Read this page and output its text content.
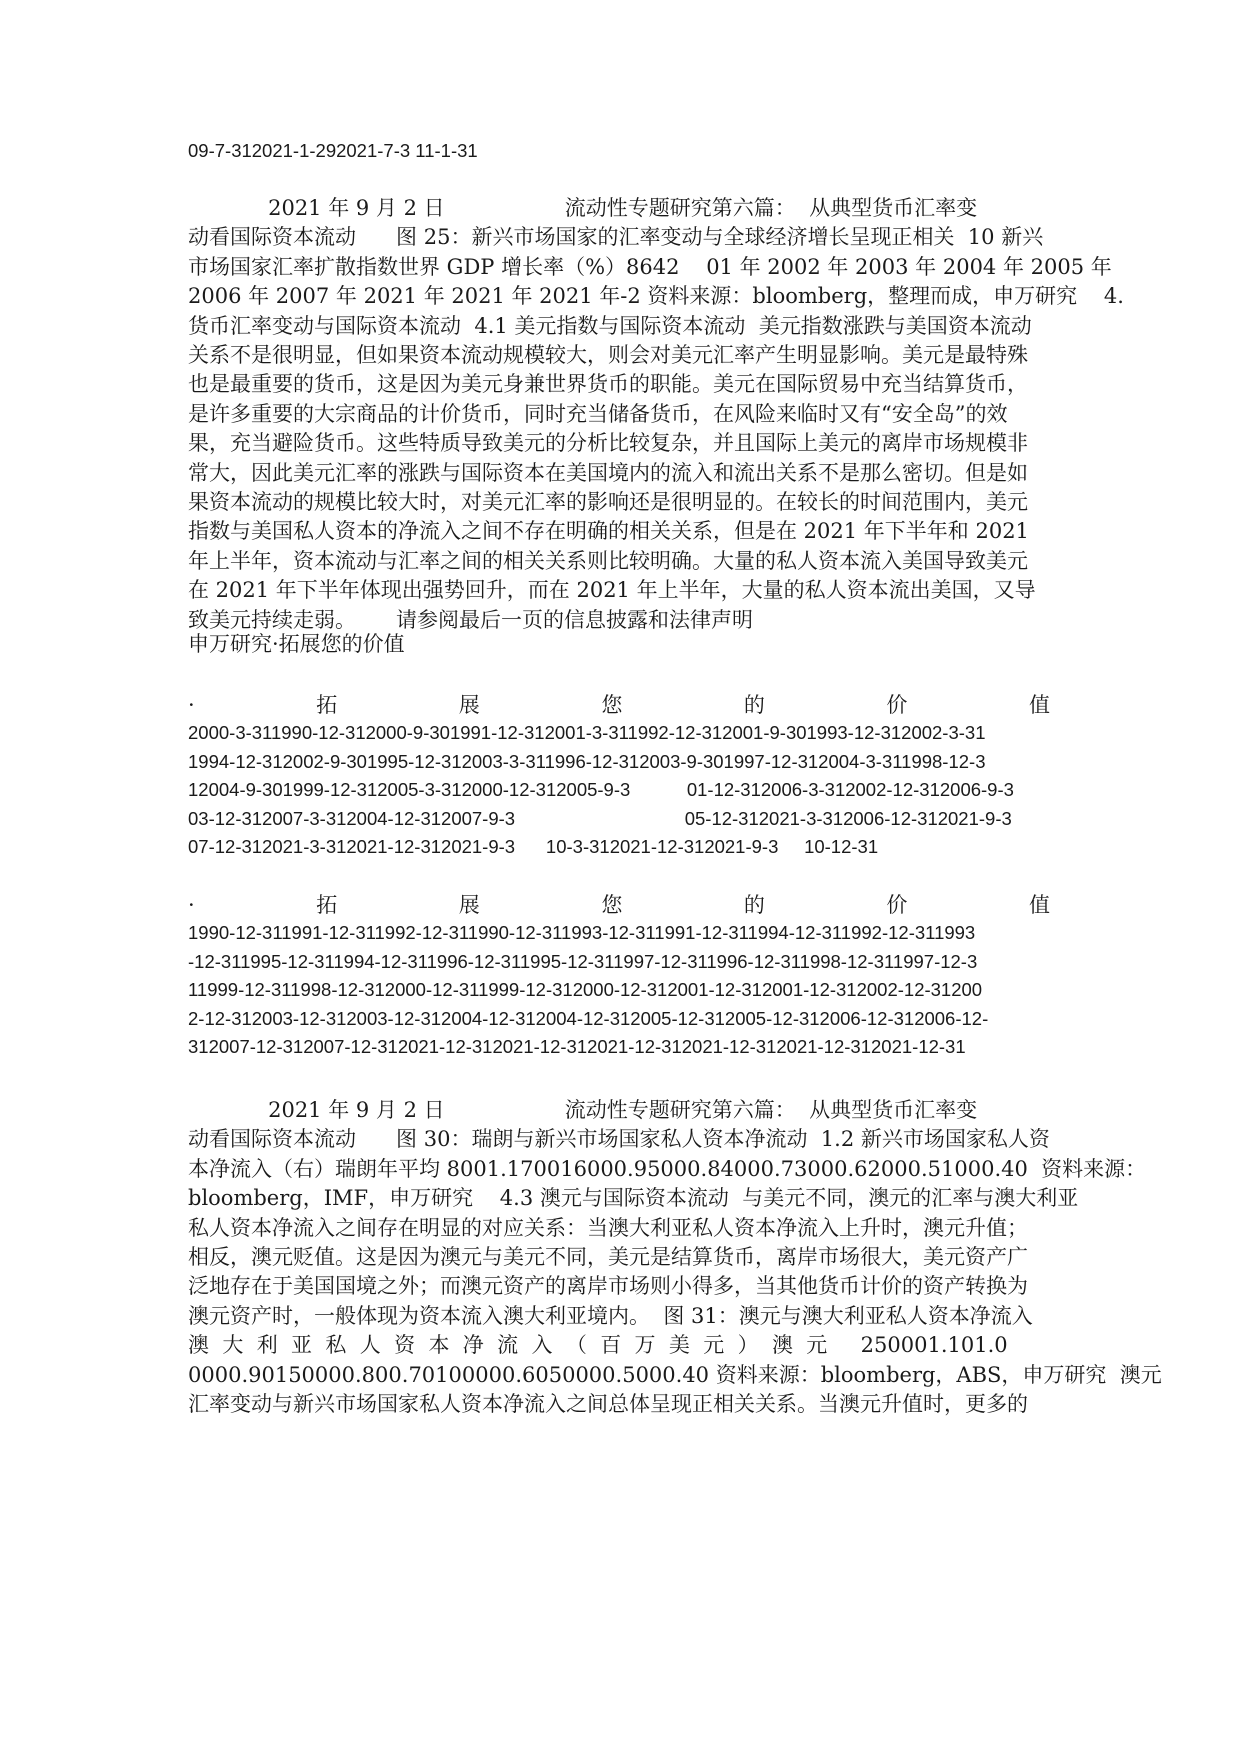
09-7-312021-1-292021-7-3 11-1-31
2021 年 9 月 2 日                  流动性专题研究第六篇：  从典型货币汇率变
动看国际资本流动      图 25：新兴市场国家的汇率变动与全球经济增长呈现正相关  10 新兴
市场国家汇率扩散指数世界 GDP 增长率（%）8642    01 年 2002 年 2003 年 2004 年 2005 年
2006 年 2007 年 2021 年 2021 年 2021 年-2 资料来源：bloomberg，整理而成，申万研究    4.
货币汇率变动与国际资本流动  4.1 美元指数与国际资本流动  美元指数涨跌与美国资本流动
关系不是很明显，但如果资本流动规模较大，则会对美元汇率产生明显影响。美元是最特殊
也是最重要的货币，这是因为美元身兼世界货币的职能。美元在国际贸易中充当结算货币，
是许多重要的大宗商品的计价货币，同时充当储备货币，在风险来临时又有“安全岛”的效
果，充当避险货币。这些特质导致美元的分析比较复杂，并且国际上美元的离岸市场规模非
常大，因此美元汇率的涨跌与国际资本在美国境内的流入和流出关系不是那么密切。但是如
果资本流动的规模比较大时，对美元汇率的影响还是很明显的。在较长的时间范围内，美元
指数与美国私人资本的净流入之间不存在明确的相关关系，但是在 2021 年下半年和 2021
年上半年，资本流动与汇率之间的相关关系则比较明确。大量的私人资本流入美国导致美元
在 2021 年下半年体现出强势回升，而在 2021 年上半年，大量的私人资本流出美国，又导
致美元持续走弱。      请参阅最后一页的信息披露和法律声明
申万研究·拓展您的价值
·	拓	展	您	的	价	值
2000-3-311990-12-312000-9-301991-12-312001-3-311992-12-312001-9-301993-12-312002-3-31
1994-12-312002-9-301995-12-312003-3-311996-12-312003-9-301997-12-312004-3-311998-12-3
12004-9-301999-12-312005-3-312000-12-312005-9-3           01-12-312006-3-312002-12-312006-9-3
03-12-312007-3-312004-12-312007-9-3                                 05-12-312021-3-312006-12-312021-9-3
07-12-312021-3-312021-12-312021-9-3      10-3-312021-12-312021-9-3     10-12-31
·	拓	展	您	的	价	值
1990-12-311991-12-311992-12-311990-12-311993-12-311991-12-311994-12-311992-12-311993
-12-311995-12-311994-12-311996-12-311995-12-311997-12-311996-12-311998-12-311997-12-3
11999-12-311998-12-312000-12-311999-12-312000-12-312001-12-312001-12-312002-12-31200
2-12-312003-12-312003-12-312004-12-312004-12-312005-12-312005-12-312006-12-312006-12-
312007-12-312007-12-312021-12-312021-12-312021-12-312021-12-312021-12-312021-12-31
2021 年 9 月 2 日                  流动性专题研究第六篇：  从典型货币汇率变
动看国际资本流动      图 30：瑞朗与新兴市场国家私人资本净流动  1.2 新兴市场国家私人资
本净流入（右）瑞朗年平均 8001.170016000.95000.84000.73000.62000.51000.40  资料来源：
bloomberg，IMF，申万研究    4.3 澳元与国际资本流动  与美元不同，澳元的汇率与澳大利亚
私人资本净流入之间存在明显的对应关系：当澳大利亚私人资本净流入上升时，澳元升值；
相反，澳元贬值。这是因为澳元与美元不同，美元是结算货币，离岸市场很大，美元资产广
泛地存在于美国国境之外；而澳元资产的离岸市场则小得多，当其他货币计价的资产转换为
澳元资产时，一般体现为资本流入澳大利亚境内。  图 31：澳元与澳大利亚私人资本净流入
澳  大  利  亚  私  人  资  本  净  流  入  （  百  万  美  元  ）  澳  元     250001.101.0
0000.90150000.800.70100000.6050000.5000.40 资料来源：bloomberg，ABS，申万研究  澳元
汇率变动与新兴市场国家私人资本净流入之间总体呈现正相关关系。当澳元升值时，更多的
